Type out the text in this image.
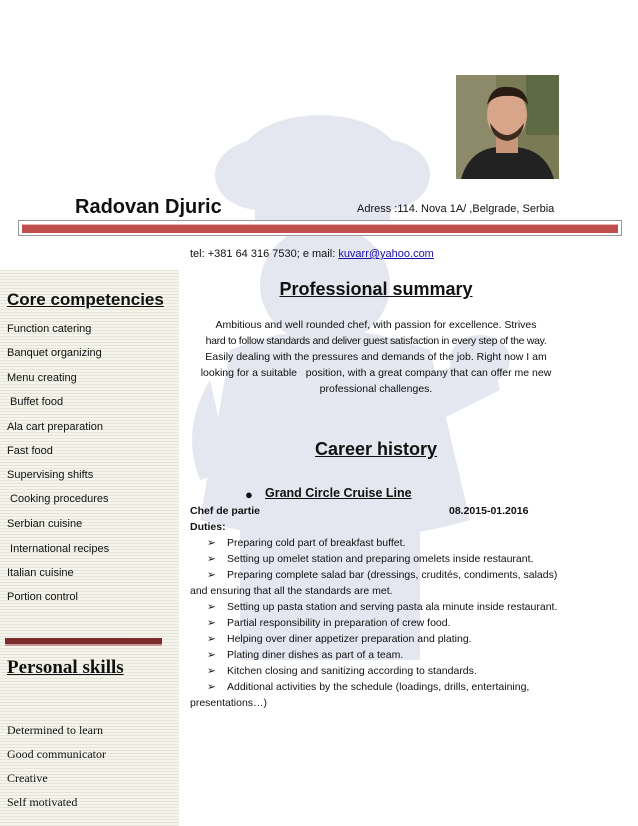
Radovan Djuric	Adress :114. Nova 1A/ ,Belgrade, Serbia
tel: +381 64 316 7530; e mail: kuvarr@yahoo.com
Core competencies
Function catering
Banquet organizing
Menu creating
Buffet food
Ala cart preparation
Fast food
Supervising shifts
Cooking procedures
Serbian cuisine
International recipes
Italian cuisine
Portion control
Personal skills
Determined to learn
Good communicator
Creative
Self motivated
Professional summary
Ambitious and well rounded chef, with passion for excellence. Strives
hard to follow standards and deliver guest satisfaction in every step of the way.
Easily dealing with the pressures and demands of the job. Right now I am
looking for a suitable   position, with a great company that can offer me new
professional challenges.
Career history
● Grand Circle Cruise Line
Chef de partie	08.2015-01.2016
Duties:
➢ Preparing cold part of breakfast buffet.
➢ Setting up omelet station and preparing omelets inside restaurant.
➢ Preparing complete salad bar (dressings, crudités, condiments, salads)
and ensuring that all the standards are met.
➢ Setting up pasta station and serving pasta ala minute inside restaurant.
➢ Partial responsibility in preparation of crew food.
➢ Helping over diner appetizer preparation and plating.
➢ Plating diner dishes as part of a team.
➢ Kitchen closing and sanitizing according to standards.
➢ Additional activities by the schedule (loadings, drills, entertaining,
presentations…)
